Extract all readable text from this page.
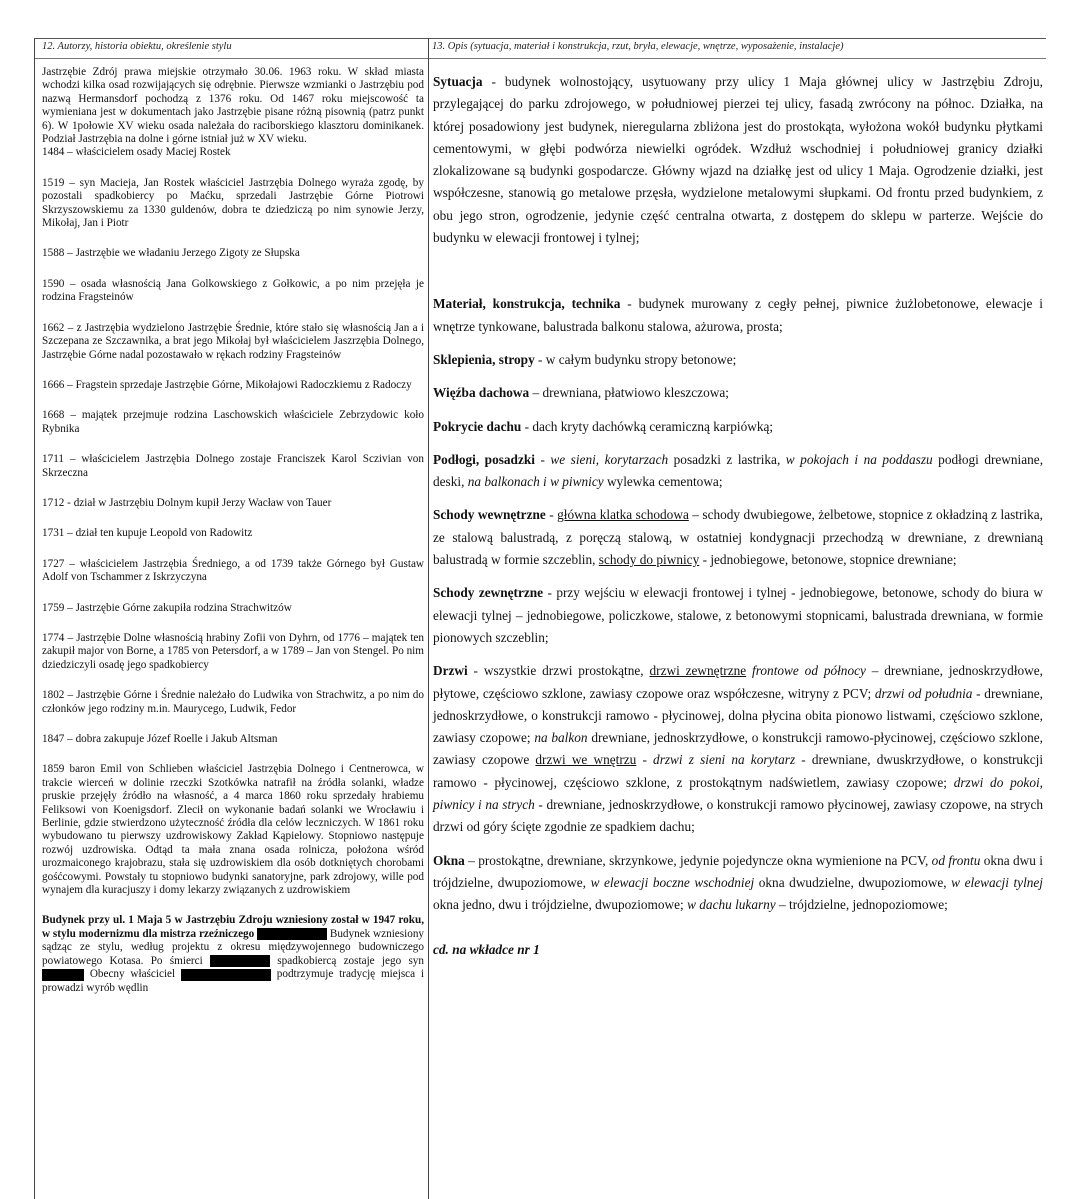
12. Autorzy, historia obiektu, określenie stylu	13. Opis (sytuacja, materiał i konstrukcja, rzut, bryła, elewacje, wnętrze, wyposażenie, instalacje)

Jastrzębie Zdrój prawa miejskie otrzymało 30.06. 1963 roku. W skład miasta wchodzi kilka osad rozwijających się odrębnie. Pierwsze wzmianki o Jastrzębiu pod nazwą Hermansdorf pochodzą z 1376 roku. Od 1467 roku miejscowość ta wymieniana jest w dokumentach jako Jastrzębie pisane różną pisownią (patrz punkt 6). W 1połowie XV wieku osada należała do raciborskiego klasztoru dominikanek. Podział Jastrzębia na dolne i górne istniał już w XV wieku.

1484 – właścicielem osady Maciej Rostek

1519 – syn Macieja, Jan Rostek właściciel Jastrzębia Dolnego wyraża zgodę, by pozostali spadkobiercy po Maćku, sprzedali Jastrzębie Górne Piotrowi Skrzyszowskiemu za 1330 guldenów, dobra te dziedziczą po nim synowie Jerzy, Mikołaj, Jan i Piotr

1588 – Jastrzębie we władaniu Jerzego Zigoty ze Słupska

1590 – osada własnością Jana Golkowskiego z Gołkowic, a po nim przejęła je rodzina Fragsteinów

1662 – z Jastrzębia wydzielono Jastrzębie Średnie, które stało się własnością Jan a i Szczepana ze Szczawnika, a brat jego Mikołaj był właścicielem Jaszrzębia Dolnego, Jastrzębie Górne nadal pozostawało w rękach rodziny Fragsteinów

1666 – Fragstein sprzedaje Jastrzębie Górne, Mikołajowi Radoczkiemu z Radoczy

1668 – majątek przejmuje rodzina Laschowskich właściciele Zebrzydowic koło Rybnika

1711 – właścicielem Jastrzębia Dolnego zostaje Franciszek Karol Sczivian von Skrzeczna

1712 - dział w Jastrzębiu Dolnym kupił Jerzy Wacław von Tauer

1731 – dział ten kupuje Leopold von Radowitz

1727 – właścicielem Jastrzębia Średniego, a od 1739 także Górnego był Gustaw Adolf von Tschammer z Iskrzyczyna

1759 – Jastrzębie Górne zakupiła rodzina Strachwitzów

1774 – Jastrzębie Dolne własnością hrabiny Zofii von Dyhrn, od 1776 – majątek ten zakupił major von Borne, a 1785 von Petersdorf, a w 1789 – Jan von Stengel. Po nim dziedziczyli osadę jego spadkobiercy

1802 – Jastrzębie Górne i Średnie należało do Ludwika von Strachwitz, a po nim do członków jego rodziny m.in. Maurycego, Ludwik, Fedor

1847 – dobra zakupuje Józef Roelle i Jakub Altsman

1859 baron Emil von Schlieben właściciel Jastrzębia Dolnego i Centnerowca, w trakcie wierceń w dolinie rzeczki Szotkówka natrafił na źródła solanki, władze pruskie przejęły źródło na własność, a 4 marca 1860 roku sprzedały hrabiemu Feliksowi von Koenigsdorf. Zlecił on wykonanie badań solanki we Wrocławiu i Berlinie, gdzie stwierdzono użyteczność źródła dla celów leczniczych. W 1861 roku wybudowano tu pierwszy uzdrowiskowy Zakład Kąpielowy. Stopniowo następuje rozwój uzdrowiska. Odtąd ta mała znana osada rolnicza, położona wśród urozmaiconego krajobrazu, stała się uzdrowiskiem dla osób dotkniętych chorobami gośćcowymi. Powstały tu stopniowo budynki sanatoryjne, park zdrojowy, wille pod wynajem dla kuracjuszy i domy lekarzy związanych z uzdrowiskiem

Budynek przy ul. 1 Maja 5 w Jastrzębiu Zdroju wzniesiony został w 1947 roku, w stylu modernizmu dla mistrza rzeźniczego	Budynek wzniesiony sądząc ze stylu, według projektu z okresu międzywojennego budowniczego powiatowego Kotasa. Po śmierci	spadkobiercą zostaje jego syn  Obecny właściciel	podtrzymuje tradycję miejsca i prowadzi wyrób wędlin

Sytuacja - budynek wolnostojący, usytuowany przy ulicy 1 Maja głównej ulicy w Jastrzębiu Zdroju, przylegającej do parku zdrojowego, w południowej pierzei tej ulicy, fasadą zwrócony na północ. Działka, na której posadowiony jest budynek, nieregularna zbliżona jest do prostokąta, wyłożona wokół budynku płytkami cementowymi, w głębi podwórza niewielki ogródek. Wzdłuż wschodniej i południowej granicy działki zlokalizowane są budynki gospodarcze. Główny wjazd na działkę jest od ulicy 1 Maja. Ogrodzenie działki, jest współczesne, stanowią go metalowe przęsła, wydzielone metalowymi słupkami. Od frontu przed budynkiem, z obu jego stron, ogrodzenie, jedynie część centralna otwarta, z dostępem do sklepu w parterze. Wejście do budynku w elewacji frontowej i tylnej;

Materiał, konstrukcja, technika - budynek murowany z cegły pełnej, piwnice żużlobetonowe, elewacje i wnętrze tynkowane, balustrada balkonu stalowa, ażurowa, prosta;

Sklepienia, stropy - w całym budynku stropy betonowe;

Więźba dachowa – drewniana, płatwiowo kleszczowa;

Pokrycie dachu - dach kryty dachówką ceramiczną karpiówką;

Podłogi, posadzki - we sieni, korytarzach posadzki z lastrika, w pokojach i na poddaszu podłogi drewniane, deski, na balkonach i w piwnicy wylewka cementowa;

Schody wewnętrzne - główna klatka schodowa – schody dwubiegowe, żelbetowe, stopnice z okładziną z lastrika, ze stalową balustradą, z poręczą stalową, w ostatniej kondygnacji przechodzą w drewniane, z drewnianą balustradą w formie szczeblin, schody do piwnicy - jednobiegowe, betonowe, stopnice drewniane;

Schody zewnętrzne - przy wejściu w elewacji frontowej i tylnej - jednobiegowe, betonowe, schody do biura w elewacji tylnej – jednobiegowe, policzkowe, stalowe, z betonowymi stopnicami, balustrada drewniana, w formie pionowych szczeblin;

Drzwi - wszystkie drzwi prostokątne, drzwi zewnętrzne frontowe od północy – drewniane, jednoskrzydłowe, płytowe, częściowo szklone, zawiasy czopowe oraz współczesne, witryny z PCV; drzwi od południa - drewniane, jednoskrzydłowe, o konstrukcji ramowo - płycinowej, dolna płycina obita pionowo listwami, częściowo szklone, zawiasy czopowe; na balkon drewniane, jednoskrzydłowe, o konstrukcji ramowo-płycinowej, częściowo szklone, zawiasy czopowe drzwi we wnętrzu - drzwi z sieni na korytarz - drewniane, dwuskrzydłowe, o konstrukcji ramowo - płycinowej, częściowo szklone, z prostokątnym nadświetlem, zawiasy czopowe; drzwi do pokoi, piwnicy i na strych - drewniane, jednoskrzydłowe, o konstrukcji ramowo płycinowej, zawiasy czopowe, na strych drzwi od góry ścięte zgodnie ze spadkiem dachu;

Okna – prostokątne, drewniane, skrzynkowe, jedynie pojedyncze okna wymienione na PCV, od frontu okna dwu i trójdzielne, dwupoziomowe, w elewacji boczne wschodniej okna dwudzielne, dwupoziomowe, w elewacji tylnej okna jedno, dwu i trójdzielne, dwupoziomowe; w dachu lukarny – trójdzielne, jednopoziomowe;

cd. na wkładce nr 1
